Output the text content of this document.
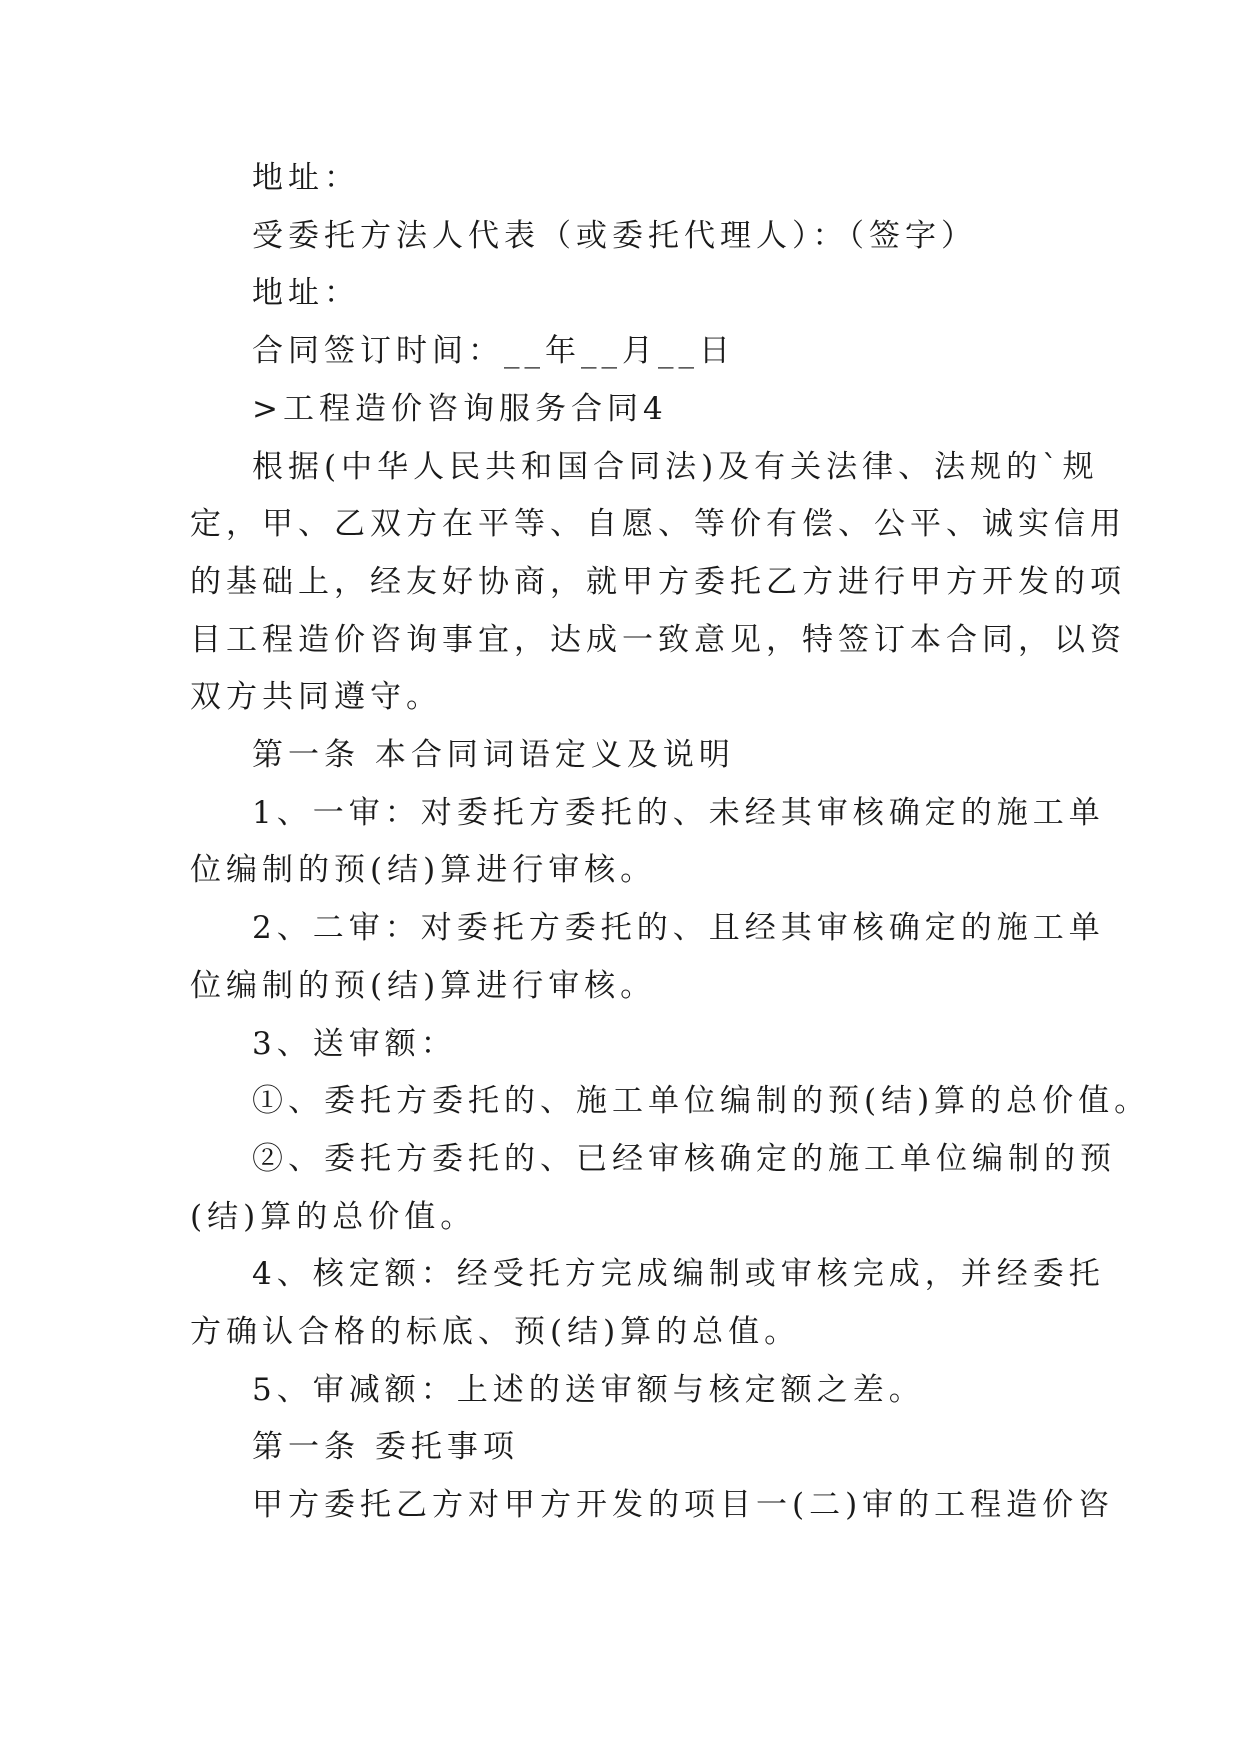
地址：
受委托方法人代表（或委托代理人）：（签字）
地址：
合同签订时间：__年__月__日
>工程造价咨询服务合同4
根据(中华人民共和国合同法)及有关法律、法规的`规
定，甲、乙双方在平等、自愿、等价有偿、公平、诚实信用
的基础上，经友好协商，就甲方委托乙方进行甲方开发的项
目工程造价咨询事宜，达成一致意见，特签订本合同，以资
双方共同遵守。
第一条 本合同词语定义及说明
1、一审：对委托方委托的、未经其审核确定的施工单
位编制的预(结)算进行审核。
2、二审：对委托方委托的、且经其审核确定的施工单
位编制的预(结)算进行审核。
3、送审额：
①、委托方委托的、施工单位编制的预(结)算的总价值。
②、委托方委托的、已经审核确定的施工单位编制的预
(结)算的总价值。
4、核定额：经受托方完成编制或审核完成，并经委托
方确认合格的标底、预(结)算的总值。
5、审减额：上述的送审额与核定额之差。
第一条 委托事项
甲方委托乙方对甲方开发的项目一(二)审的工程造价咨
